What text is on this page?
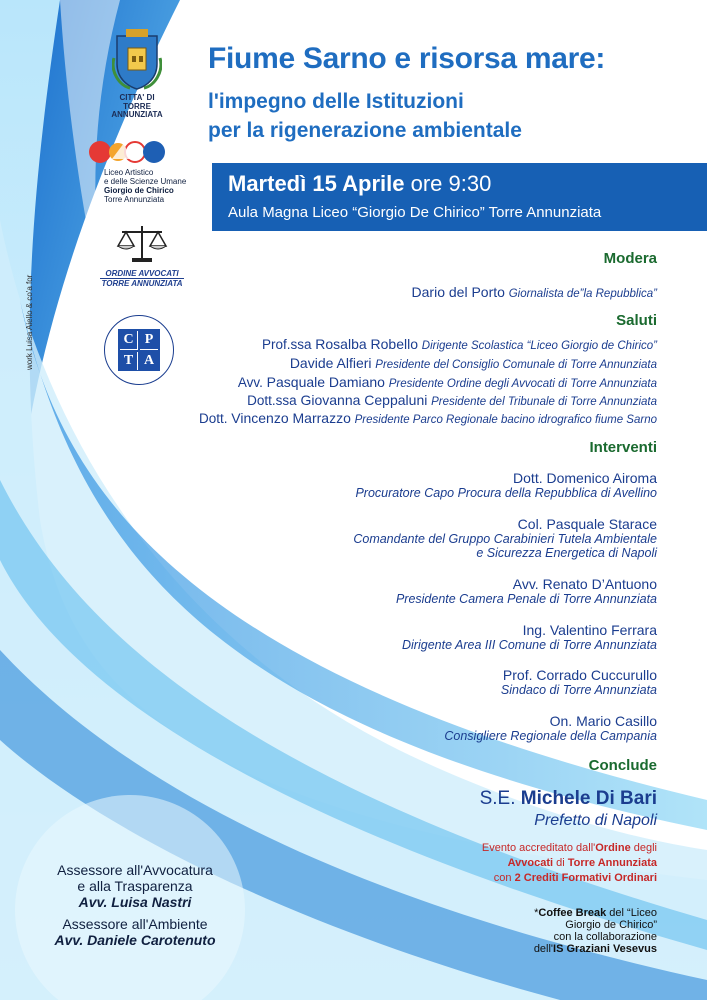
CITTA' DI
TORRE
ANNUNZIATA
Liceo Artistico
e delle Scienze Umane
Giorgio de Chirico
Torre Annunziata
ORDINE AVVOCATI
TORRE ANNUNZIATA
C P
T A
work Luisa Aiello & co'a for
Fiume Sarno e risorsa mare:
l'impegno delle Istituzioni
per la rigenerazione ambientale
Martedì 15 Aprile ore 9:30
Aula Magna Liceo “Giorgio De Chirico” Torre Annunziata
Modera
Dario del Porto Giornalista de”la Repubblica”
Saluti
Prof.ssa Rosalba Robello Dirigente Scolastica “Liceo Giorgio de Chirico”
Davide Alfieri Presidente del Consiglio Comunale di Torre Annunziata
Avv. Pasquale Damiano Presidente Ordine degli Avvocati di Torre Annunziata
Dott.ssa Giovanna Ceppaluni Presidente del Tribunale di Torre Annunziata
Dott. Vincenzo Marrazzo Presidente Parco Regionale bacino idrografico fiume Sarno
Interventi
Dott. Domenico Airoma
Procuratore Capo Procura della Repubblica di Avellino
Col. Pasquale Starace
Comandante del Gruppo Carabinieri Tutela Ambientale
e Sicurezza Energetica di Napoli
Avv. Renato D’Antuono
Presidente Camera Penale di Torre Annunziata
Ing. Valentino Ferrara
Dirigente Area III Comune di Torre Annunziata
Prof. Corrado Cuccurullo
Sindaco di Torre Annunziata
On. Mario Casillo
Consigliere Regionale della Campania
Conclude
S.E. Michele Di Bari
Prefetto di Napoli
Evento accreditato dall'Ordine degli
Avvocati di Torre Annunziata
con 2 Crediti Formativi Ordinari
*Coffee Break del “Liceo
Giorgio de Chirico”
con la collaborazione
dell'IS Graziani Vesevus
Assessore all'Avvocatura
e alla Trasparenza
Avv. Luisa Nastri
Assessore all'Ambiente
Avv. Daniele Carotenuto
